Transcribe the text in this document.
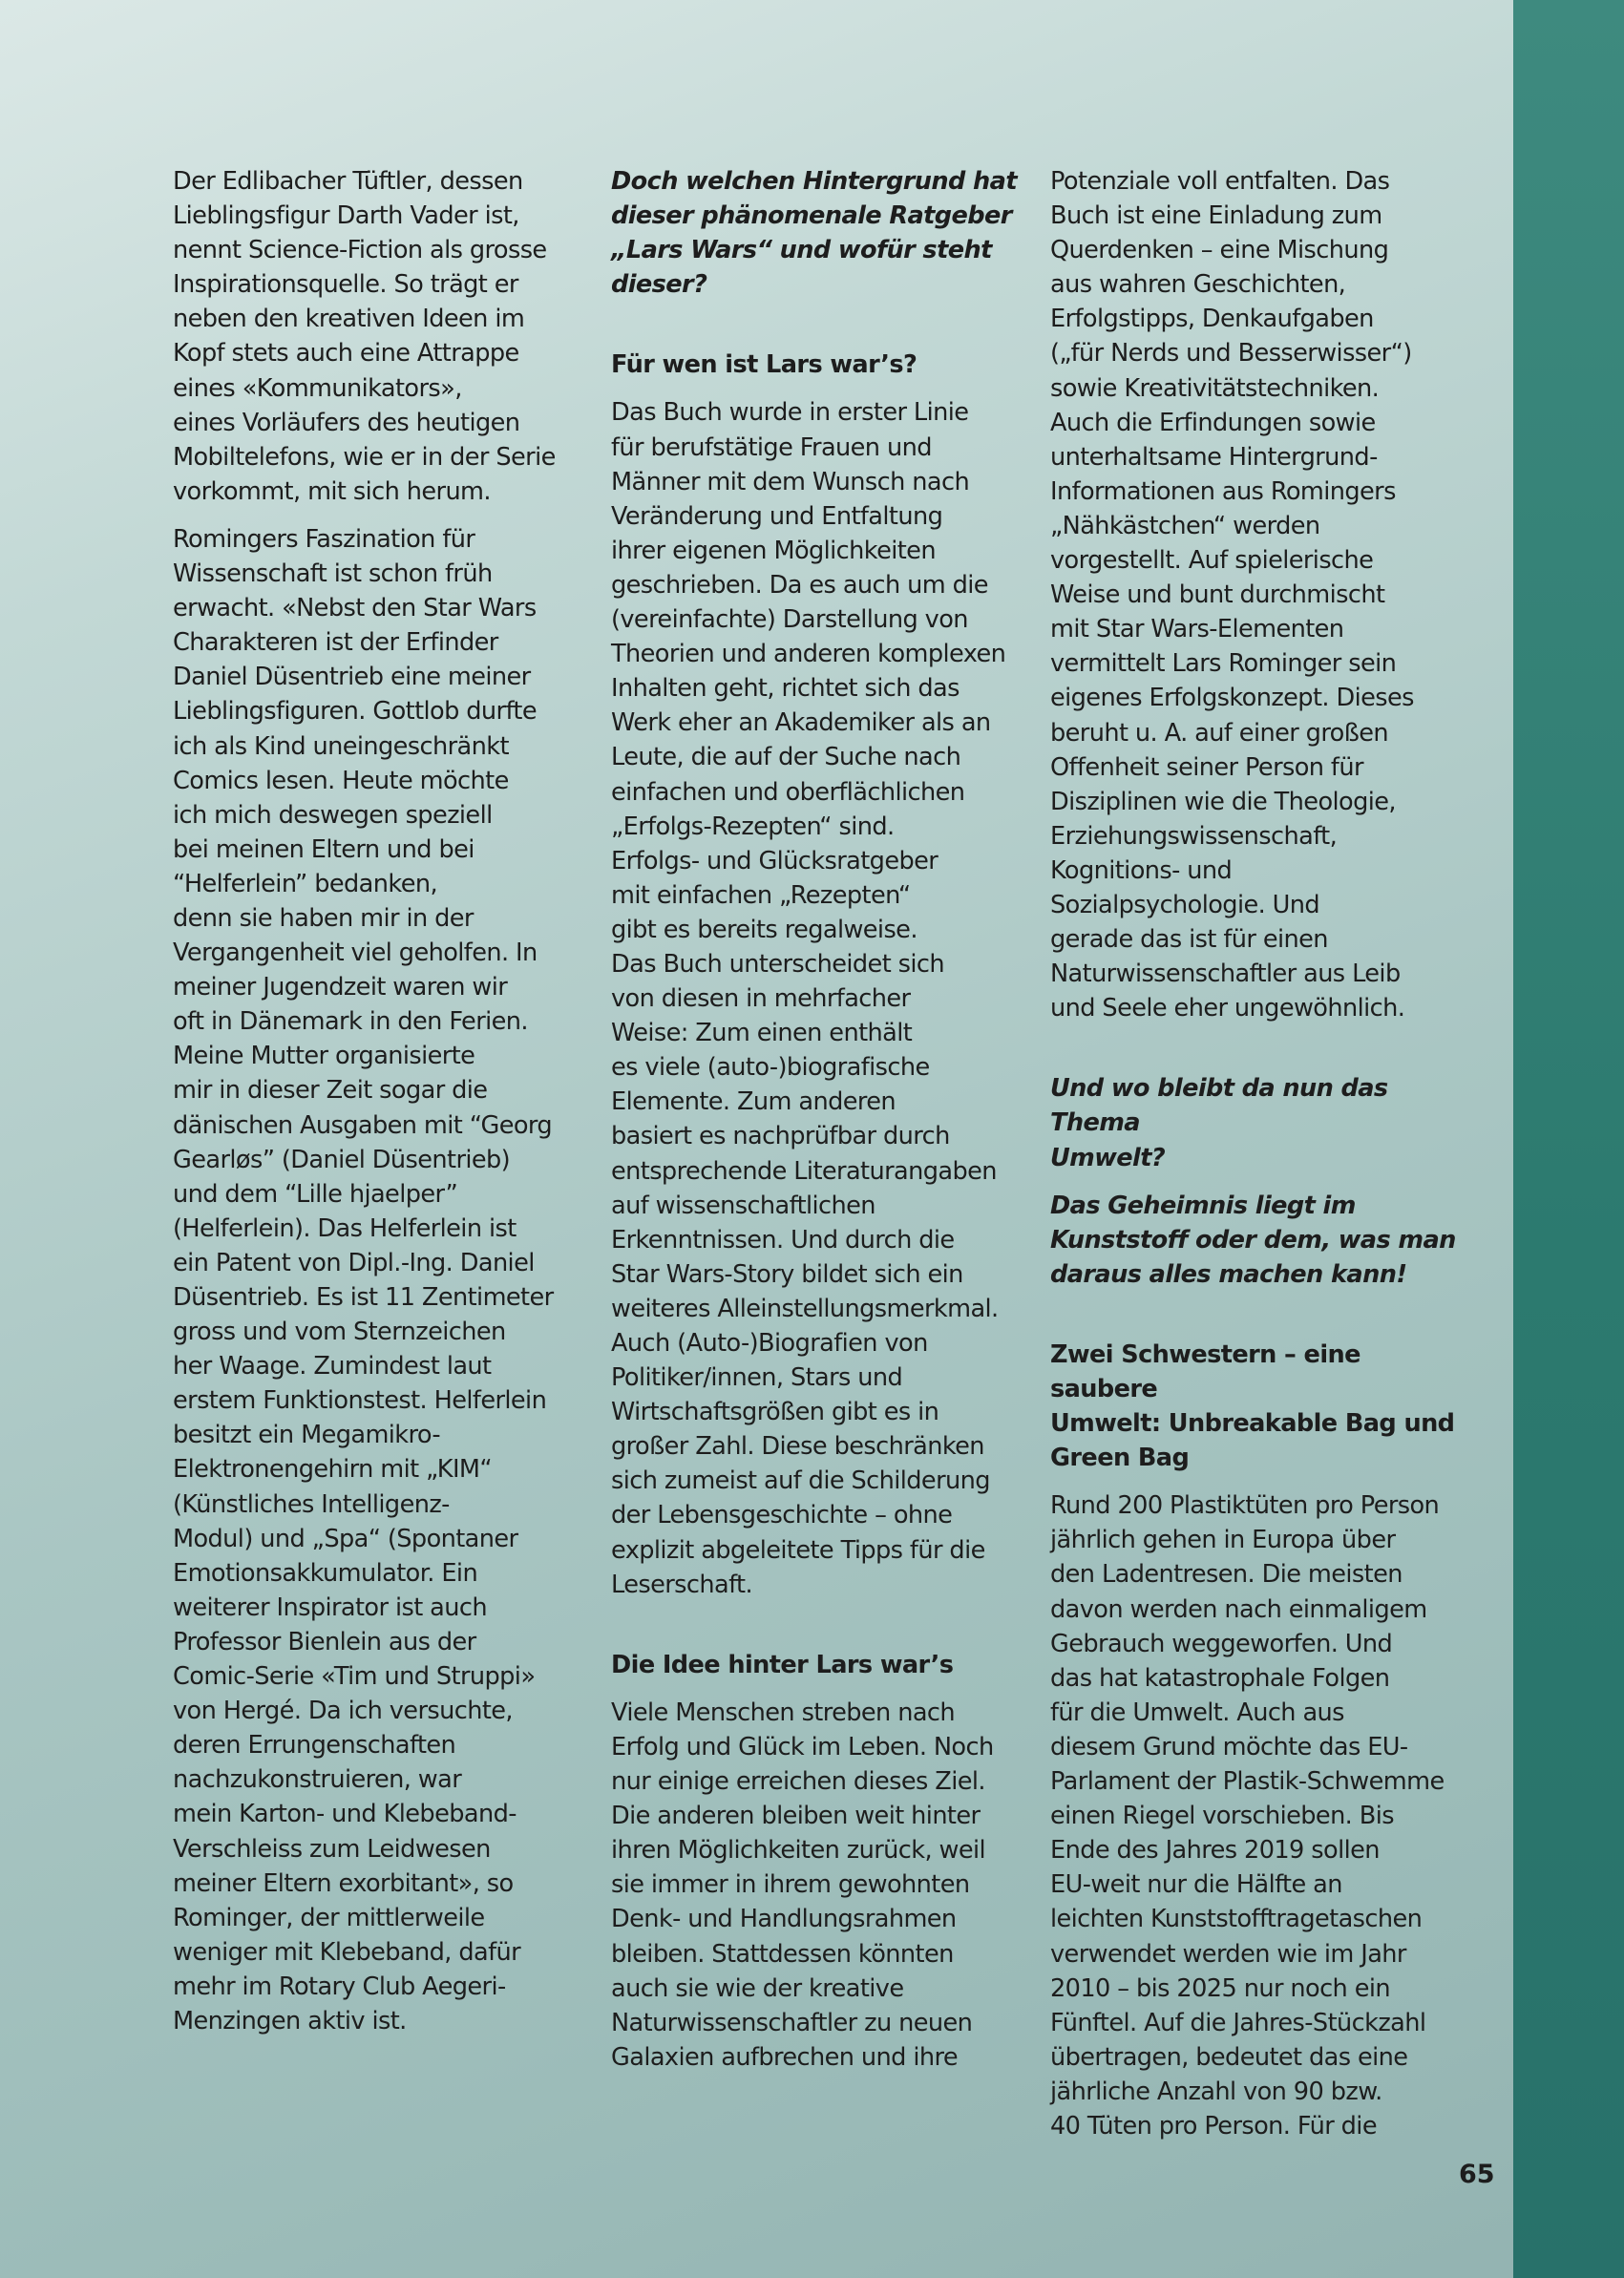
Der Edlibacher Tüftler, dessen
Lieblingsfigur Darth Vader ist,
nennt Science-Fiction als grosse
Inspirationsquelle. So trägt er
neben den kreativen Ideen im
Kopf stets auch eine Attrappe
eines «Kommunikators»,
eines Vorläufers des heutigen
Mobiltelefons, wie er in der Serie
vorkommt, mit sich herum.

Romingers Faszination für
Wissenschaft ist schon früh
erwacht. «Nebst den Star Wars
Charakteren ist der Erfinder
Daniel Düsentrieb eine meiner
Lieblingsfiguren. Gottlob durfte
ich als Kind uneingeschränkt
Comics lesen. Heute möchte
ich mich deswegen speziell
bei meinen Eltern und bei
“Helferlein” bedanken,
denn sie haben mir in der
Vergangenheit viel geholfen. In
meiner Jugendzeit waren wir
oft in Dänemark in den Ferien.
Meine Mutter organisierte
mir in dieser Zeit sogar die
dänischen Ausgaben mit “Georg
Gearløs” (Daniel Düsentrieb)
und dem “Lille hjaelper”
(Helferlein). Das Helferlein ist
ein Patent von Dipl.-Ing. Daniel
Düsentrieb. Es ist 11 Zentimeter
gross und vom Sternzeichen
her Waage. Zumindest laut
erstem Funktionstest. Helferlein
besitzt ein Megamikro-
Elektronengehirn mit „KIM“
(Künstliches Intelligenz-
Modul) und „Spa“ (Spontaner
Emotionsakkumulator. Ein
weiterer Inspirator ist auch
Professor Bienlein aus der
Comic-Serie «Tim und Struppi»
von Hergé. Da ich versuchte,
deren Errungenschaften
nachzukonstruieren, war
mein Karton- und Klebeband-
Verschleiss zum Leidwesen
meiner Eltern exorbitant», so
Rominger, der mittlerweile
weniger mit Klebeband, dafür
mehr im Rotary Club Aegeri-
Menzingen aktiv ist.

Doch welchen Hintergrund hat
dieser phänomenale Ratgeber
„Lars Wars“ und wofür steht
dieser?

Für wen ist Lars war’s?

Das Buch wurde in erster Linie
für berufstätige Frauen und
Männer mit dem Wunsch nach
Veränderung und Entfaltung
ihrer eigenen Möglichkeiten
geschrieben. Da es auch um die
(vereinfachte) Darstellung von
Theorien und anderen komplexen
Inhalten geht, richtet sich das
Werk eher an Akademiker als an
Leute, die auf der Suche nach
einfachen und oberflächlichen
„Erfolgs-Rezepten“ sind.
Erfolgs- und Glücksratgeber
mit einfachen „Rezepten“
gibt es bereits regalweise.
Das Buch unterscheidet sich
von diesen in mehrfacher
Weise: Zum einen enthält
es viele (auto-)biografische
Elemente. Zum anderen
basiert es nachprüfbar durch
entsprechende Literaturangaben
auf wissenschaftlichen
Erkenntnissen. Und durch die
Star Wars-Story bildet sich ein
weiteres Alleinstellungsmerkmal.
Auch (Auto-)Biografien von
Politiker/innen, Stars und
Wirtschaftsgrößen gibt es in
großer Zahl. Diese beschränken
sich zumeist auf die Schilderung
der Lebensgeschichte – ohne
explizit abgeleitete Tipps für die
Leserschaft.

Die Idee hinter Lars war’s

Viele Menschen streben nach
Erfolg und Glück im Leben. Noch
nur einige erreichen dieses Ziel.
Die anderen bleiben weit hinter
ihren Möglichkeiten zurück, weil
sie immer in ihrem gewohnten
Denk- und Handlungsrahmen
bleiben. Stattdessen könnten
auch sie wie der kreative
Naturwissenschaftler zu neuen
Galaxien aufbrechen und ihre

Potenziale voll entfalten. Das
Buch ist eine Einladung zum
Querdenken – eine Mischung
aus wahren Geschichten,
Erfolgstipps, Denkaufgaben
(„für Nerds und Besserwisser“)
sowie Kreativitätstechniken.
Auch die Erfindungen sowie
unterhaltsame Hintergrund-
Informationen aus Romingers
„Nähkästchen“ werden
vorgestellt. Auf spielerische
Weise und bunt durchmischt
mit Star Wars-Elementen
vermittelt Lars Rominger sein
eigenes Erfolgskonzept. Dieses
beruht u. A. auf einer großen
Offenheit seiner Person für
Disziplinen wie die Theologie,
Erziehungswissenschaft,
Kognitions- und
Sozialpsychologie. Und
gerade das ist für einen
Naturwissenschaftler aus Leib
und Seele eher ungewöhnlich.

Und wo bleibt da nun das Thema
Umwelt?

Das Geheimnis liegt im
Kunststoff oder dem, was man
daraus alles machen kann!

Zwei Schwestern – eine saubere
Umwelt: Unbreakable Bag und
Green Bag

Rund 200 Plastiktüten pro Person
jährlich gehen in Europa über
den Ladentresen. Die meisten
davon werden nach einmaligem
Gebrauch weggeworfen. Und
das hat katastrophale Folgen
für die Umwelt. Auch aus
diesem Grund möchte das EU-
Parlament der Plastik-Schwemme
einen Riegel vorschieben. Bis
Ende des Jahres 2019 sollen
EU-weit nur die Hälfte an
leichten Kunststofftragetaschen
verwendet werden wie im Jahr
2010 – bis 2025 nur noch ein
Fünftel. Auf die Jahres-Stückzahl
übertragen, bedeutet das eine
jährliche Anzahl von 90 bzw.
40 Tüten pro Person. Für die

65
